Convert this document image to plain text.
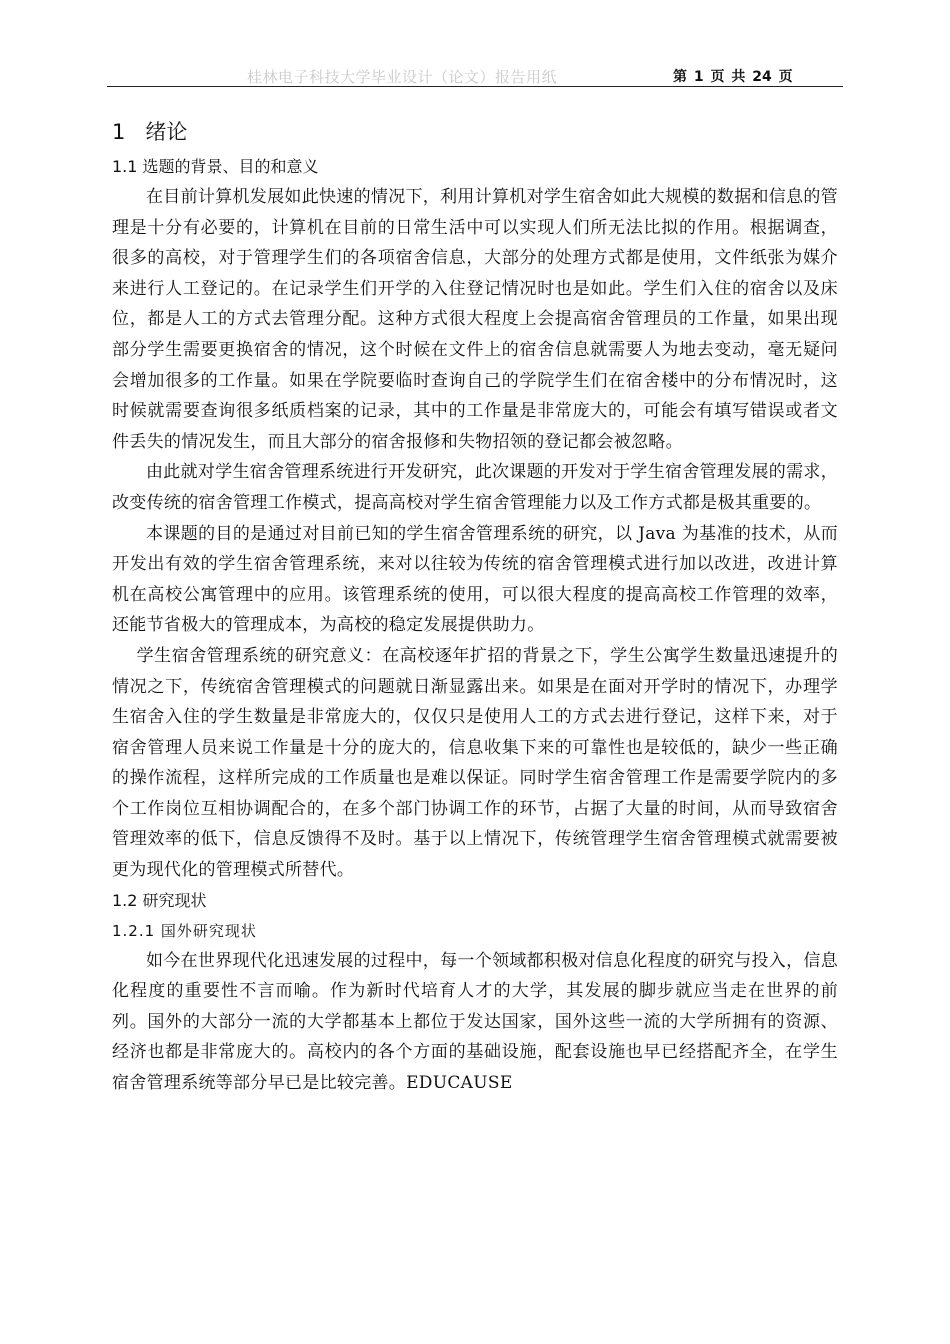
桂林电子科技大学毕业设计（论文）报告用纸	第 1 页 共 24 页
1   绪论
1.1 选题的背景、目的和意义

在目前计算机发展如此快速的情况下，利用计算机对学生宿舍如此大规模的数据和信息的管理是十分有必要的，计算机在目前的日常生活中可以实现人们所无法比拟的作用。根据调查，很多的高校，对于管理学生们的各项宿舍信息，大部分的处理方式都是使用，文件纸张为媒介来进行人工登记的。在记录学生们开学的入住登记情况时也是如此。学生们入住的宿舍以及床位，都是人工的方式去管理分配。这种方式很大程度上会提高宿舍管理员的工作量，如果出现部分学生需要更换宿舍的情况，这个时候在文件上的宿舍信息就需要人为地去变动，毫无疑问会增加很多的工作量。如果在学院要临时查询自己的学院学生们在宿舍楼中的分布情况时，这时候就需要查询很多纸质档案的记录，其中的工作量是非常庞大的，可能会有填写错误或者文件丢失的情况发生，而且大部分的宿舍报修和失物招领的登记都会被忽略。

由此就对学生宿舍管理系统进行开发研究，此次课题的开发对于学生宿舍管理发展的需求，改变传统的宿舍管理工作模式，提高高校对学生宿舍管理能力以及工作方式都是极其重要的。

本课题的目的是通过对目前已知的学生宿舍管理系统的研究，以 Java 为基准的技术，从而开发出有效的学生宿舍管理系统，来对以往较为传统的宿舍管理模式进行加以改进，改进计算机在高校公寓管理中的应用。该管理系统的使用，可以很大程度的提高高校工作管理的效率，还能节省极大的管理成本，为高校的稳定发展提供助力。

学生宿舍管理系统的研究意义：在高校逐年扩招的背景之下，学生公寓学生数量迅速提升的情况之下，传统宿舍管理模式的问题就日渐显露出来。如果是在面对开学时的情况下，办理学生宿舍入住的学生数量是非常庞大的，仅仅只是使用人工的方式去进行登记，这样下来，对于宿舍管理人员来说工作量是十分的庞大的，信息收集下来的可靠性也是较低的，缺少一些正确的操作流程，这样所完成的工作质量也是难以保证。同时学生宿舍管理工作是需要学院内的多个工作岗位互相协调配合的，在多个部门协调工作的环节，占据了大量的时间，从而导致宿舍管理效率的低下，信息反馈得不及时。基于以上情况下，传统管理学生宿舍管理模式就需要被更为现代化的管理模式所替代。

1.2 研究现状
1.2.1 国外研究现状

如今在世界现代化迅速发展的过程中，每一个领域都积极对信息化程度的研究与投入，信息化程度的重要性不言而喻。作为新时代培育人才的大学，其发展的脚步就应当走在世界的前列。国外的大部分一流的大学都基本上都位于发达国家，国外这些一流的大学所拥有的资源、经济也都是非常庞大的。高校内的各个方面的基础设施，配套设施也早已经搭配齐全，在学生宿舍管理系统等部分早已是比较完善。EDUCAUSE
